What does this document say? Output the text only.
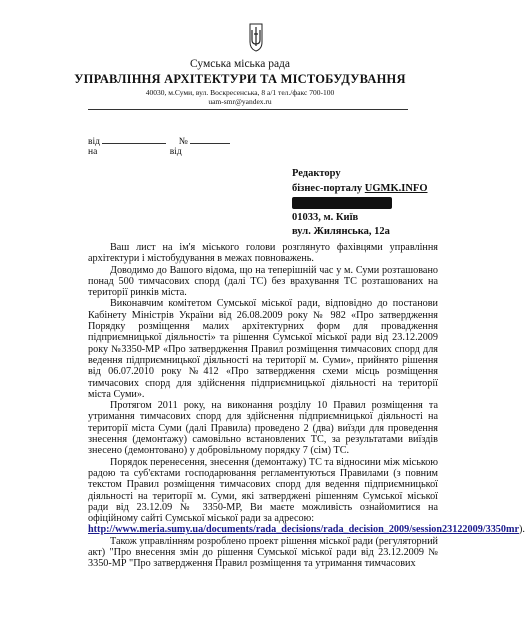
Сумська міська рада
УПРАВЛІННЯ АРХІТЕКТУРИ ТА МІСТОБУДУВАННЯ
40030, м.Суми, вул. Воскресенська, 8 а/1 тел./факс 700-100
uam-smr@yandex.ru
від	№
на	від
Редактору
бізнес-порталу UGMK.INFO
01033, м. Київ
вул. Жилянська, 12а

Ваш лист на ім'я міського голови розглянуто фахівцями управління архітектури і містобудування в межах повноважень.

Доводимо до Вашого відома, що на теперішній час у м. Суми розташовано понад 500 тимчасових спорд (далі ТС) без врахування ТС розташованих на території ринків міста.

Виконавчим комітетом Сумської міської ради, відповідно до постанови Кабінету Міністрів України від 26.08.2009 року № 982 «Про затвердження Порядку розміщення малих архітектурних форм для провадження підприємницької діяльності» та рішення Сумської міської ради від 23.12.2009 року №3350-МР «Про затвердження Правил розміщення тимчасових спорд для ведення підприємницької діяльності на території м. Суми», прийнято рішення від 06.07.2010 року №412 «Про затвердження схеми місць розміщення тимчасових спорд для здійснення підприємницької діяльності на території міста Суми».

Протягом 2011 року, на виконання розділу 10 Правил розміщення та утримання тимчасових спорд для здійснення підприємницької діяльності на території міста Суми (далі Правила) проведено 2 (два) виїзди для проведення знесення (демонтажу) самовільно встановлених ТС, за результатами виїздів знесено (демонтовано) у добровільному порядку 7 (сім) ТС.

Порядок перенесення, знесення (демонтажу) ТС та відносини між міською радою та суб'єктами господарювання регламентуються Правилами (з повним текстом Правил розміщення тимчасових спорд для ведення підприємницької діяльності на території м. Суми, які затверджені рішенням Сумської міської ради від 23.12.09 № 3350-МР, Ви маєте можливість ознайомитися на офіційному сайті Сумської міської ради за адресою:

http://www.meria.sumy.ua/documents/rada_decisions/rada_decision_2009/session23122009/3350mr).

Також управлінням розроблено проект рішення міської ради (регуляторний акт) "Про внесення змін до рішення Сумської міської ради від 23.12.2009 № 3350-МР "Про затвердження Правил розміщення та утримання тимчасових
